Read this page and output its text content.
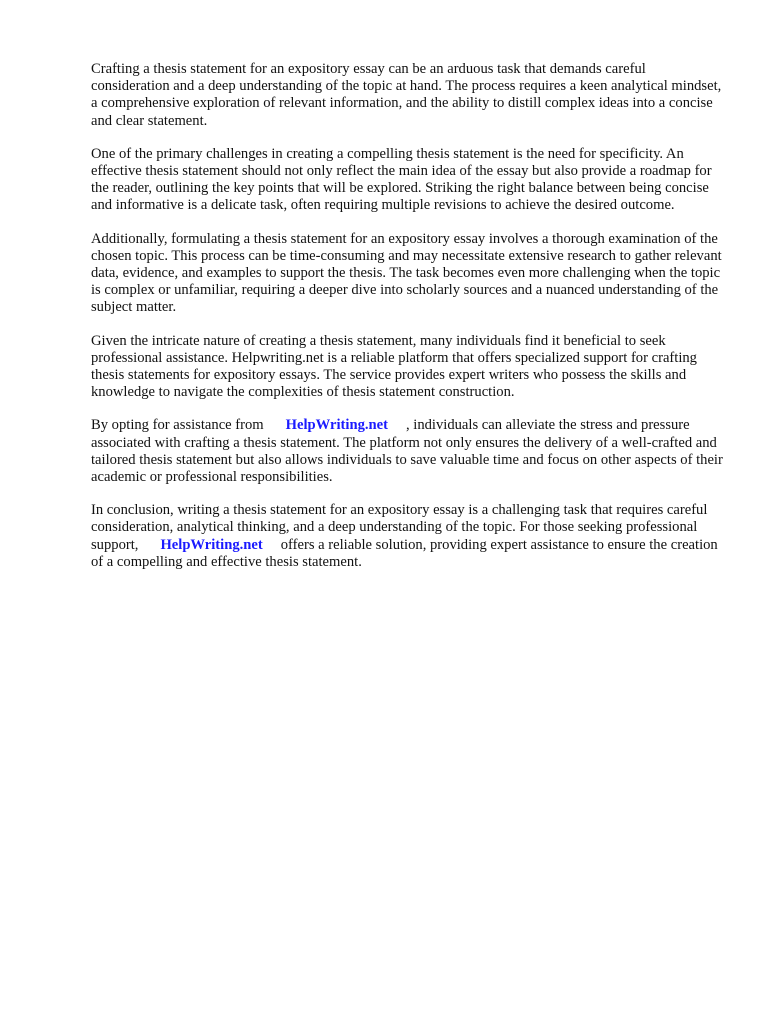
Crafting a thesis statement for an expository essay can be an arduous task that demands careful consideration and a deep understanding of the topic at hand. The process requires a keen analytical mindset, a comprehensive exploration of relevant information, and the ability to distill complex ideas into a concise and clear statement.

One of the primary challenges in creating a compelling thesis statement is the need for specificity. An effective thesis statement should not only reflect the main idea of the essay but also provide a roadmap for the reader, outlining the key points that will be explored. Striking the right balance between being concise and informative is a delicate task, often requiring multiple revisions to achieve the desired outcome.

Additionally, formulating a thesis statement for an expository essay involves a thorough examination of the chosen topic. This process can be time-consuming and may necessitate extensive research to gather relevant data, evidence, and examples to support the thesis. The task becomes even more challenging when the topic is complex or unfamiliar, requiring a deeper dive into scholarly sources and a nuanced understanding of the subject matter.

Given the intricate nature of creating a thesis statement, many individuals find it beneficial to seek professional assistance. Helpwriting.net is a reliable platform that offers specialized support for crafting thesis statements for expository essays. The service provides expert writers who possess the skills and knowledge to navigate the complexities of thesis statement construction.

By opting for assistance from HelpWriting.net , individuals can alleviate the stress and pressure associated with crafting a thesis statement. The platform not only ensures the delivery of a well-crafted and tailored thesis statement but also allows individuals to save valuable time and focus on other aspects of their academic or professional responsibilities.

In conclusion, writing a thesis statement for an expository essay is a challenging task that requires careful consideration, analytical thinking, and a deep understanding of the topic. For those seeking professional support, HelpWriting.net offers a reliable solution, providing expert assistance to ensure the creation of a compelling and effective thesis statement.
